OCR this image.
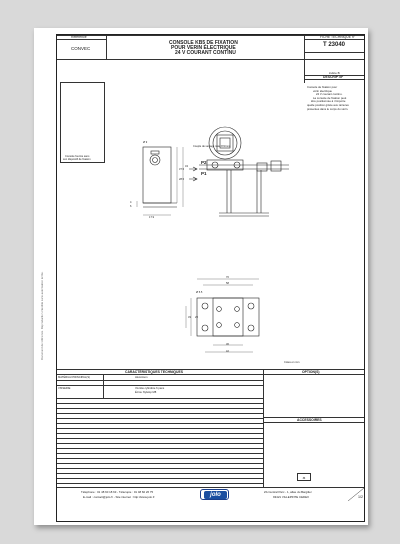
Document de référence. Reproduction interdite sans autorisation écrite.
Référence
CONVEC
CONSOLE KB5 DE FIXATION
POUR VERIN ÉLECTRIQUE
24 V COURANT CONTINU
FICHE TECHNIQUE n°
T 23040
indice B
DESCRIPTIF
Console de fixation pour
vérin électrique
24 V courant continu.
La console de fixation peut
être positionnée à n'importe
quelle position grâce aux rainures
présentes dans le corps du vérin.
Console fournie sans
son dispositif de fixation
Couple de serrage maxi 8 N/mm
P2
P1
Ø 9
37.5
43
28.5
4
6
17.9
70
58
Ø 5.5
23
33
36
42
Cotes en mm
CARACTÉRISTIQUES TECHNIQUES	OPTION(S)
MATÉRIAU PRINCIPAL(S)	Aluminium
VISSERIE	Vis tête cylindrée 6 pans
Écrou Nylstop M8
ACCESSOIRES
⚖
Téléphone : 01 48 60 18 63 - Télécopie : 01 48 60 26 75
E-mail : contact@jolo.fr - Site internet : http://www.jolo.fr	jolo	ZA Central Parc - 1, allée du Bargilier
93421 VILLEPINTE CEDEX	1/2
